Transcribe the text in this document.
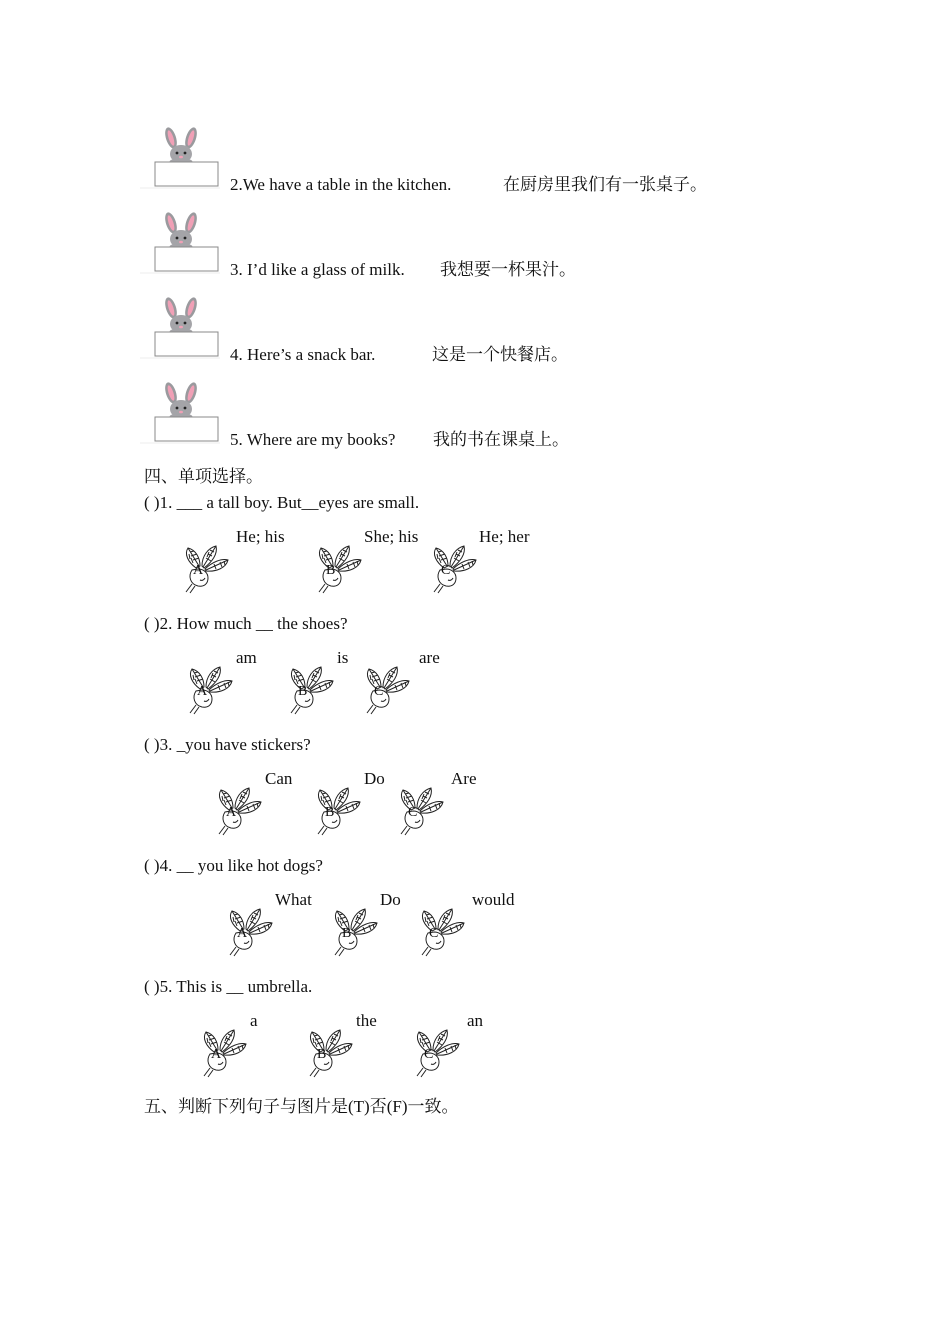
2.We have a table in the kitchen.	在厨房里我们有一张桌子。
3. I’d like a glass of milk. 我想要一杯果汁。
4. Here’s a snack bar.	这是一个快餐店。
5. Where are my books? 我的书在课桌上。
四、单项选择。
( )1. ___ a tall boy. But__eyes are small.
He; his	She; his	He; her
A	B	C
( )2. How much __ the shoes?
am	is	are
A	B	C
( )3. _you have stickers?
Can	Do	Are
A	B	C
( )4. __ you like hot dogs?
What	Do	would
A	B	C
( )5. This is __ umbrella.
a	the	an
A	B	C
五、判断下列句子与图片是(T)否(F)一致。
